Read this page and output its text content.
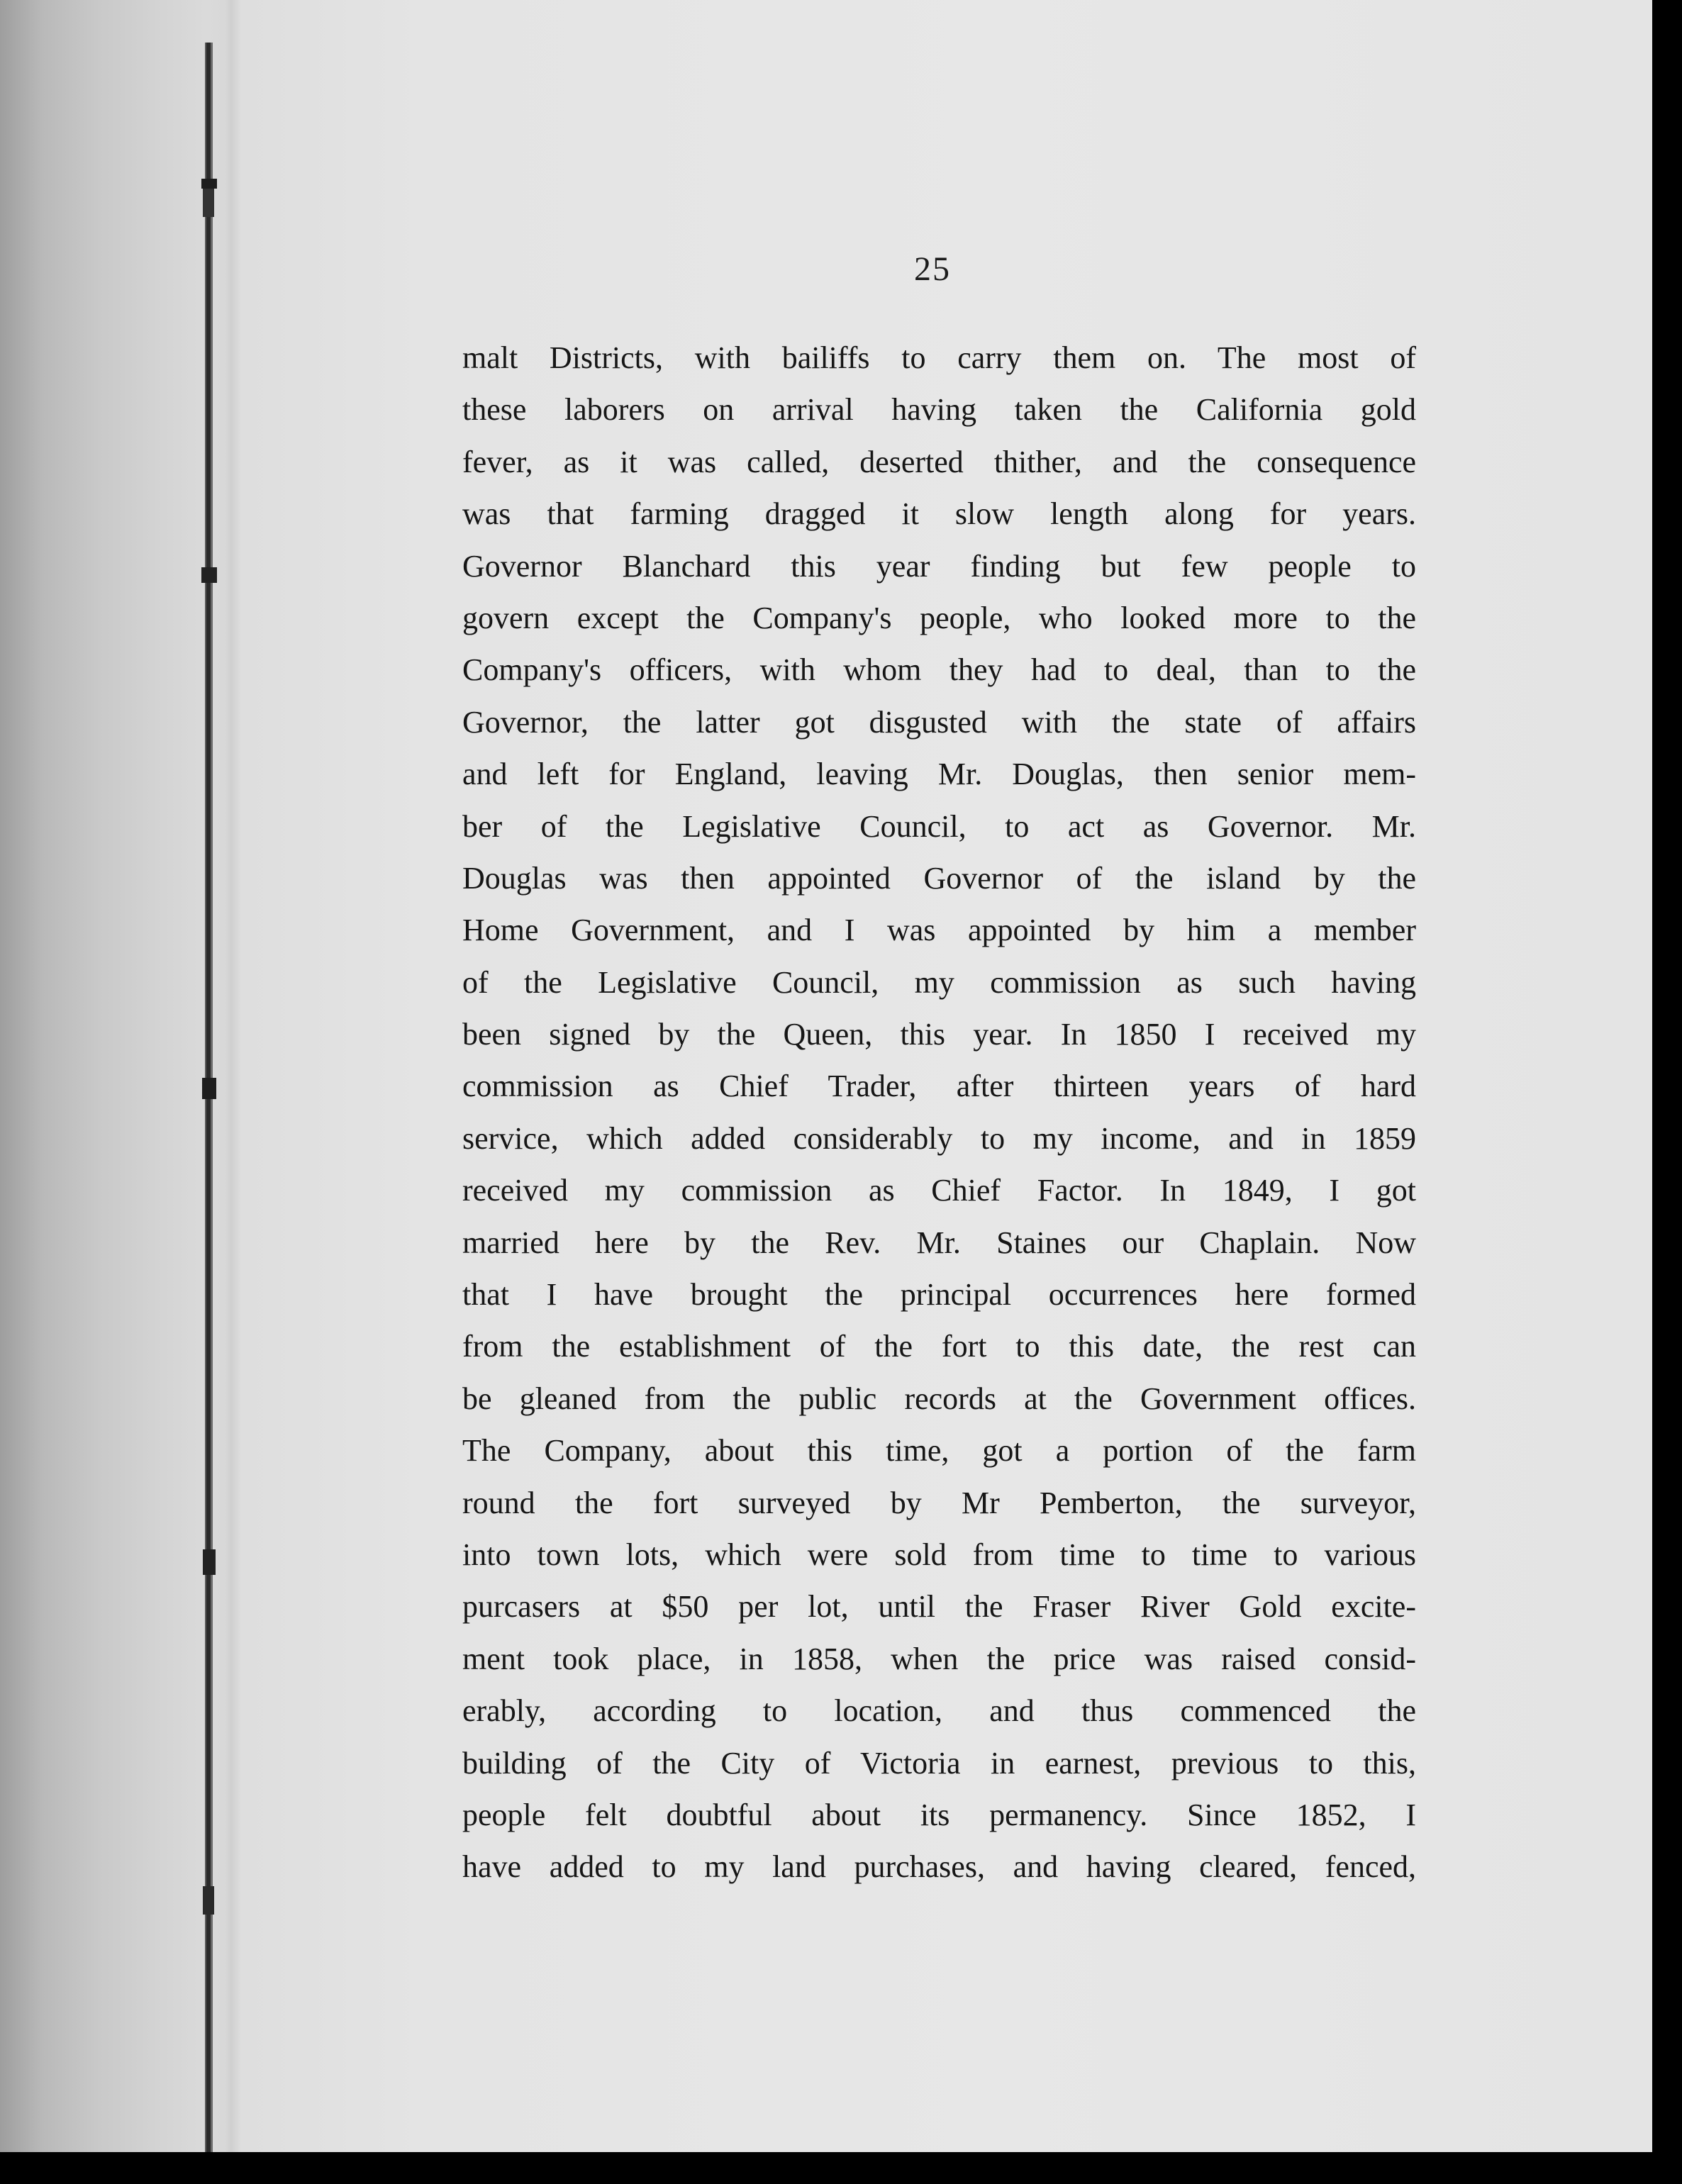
25
malt Districts, with bailiffs to carry them on. The most of
these laborers on arrival having taken the California gold
fever, as it was called, deserted thither, and the consequence
was that farming dragged it slow length along for years.
Governor Blanchard this year finding but few people to
govern except the Company's people, who looked more to the
Company's officers, with whom they had to deal, than to the
Governor, the latter got disgusted with the state of affairs
and left for England, leaving Mr. Douglas, then senior mem-
ber of the Legislative Council, to act as Governor. Mr.
Douglas was then appointed Governor of the island by the
Home Government, and I was appointed by him a member
of the Legislative Council, my commission as such having
been signed by the Queen, this year. In 1850 I received my
commission as Chief Trader, after thirteen years of hard
service, which added considerably to my income, and in 1859
received my commission as Chief Factor. In 1849, I got
married here by the Rev. Mr. Staines our Chaplain. Now
that I have brought the principal occurrences here formed
from the establishment of the fort to this date, the rest can
be gleaned from the public records at the Government offices.
The Company, about this time, got a portion of the farm
round the fort surveyed by Mr Pemberton, the surveyor,
into town lots, which were sold from time to time to various
purcasers at $50 per lot, until the Fraser River Gold excite-
ment took place, in 1858, when the price was raised consid-
erably, according to location, and thus commenced the
building of the City of Victoria in earnest, previous to this,
people felt doubtful about its permanency. Since 1852, I
have added to my land purchases, and having cleared, fenced,
